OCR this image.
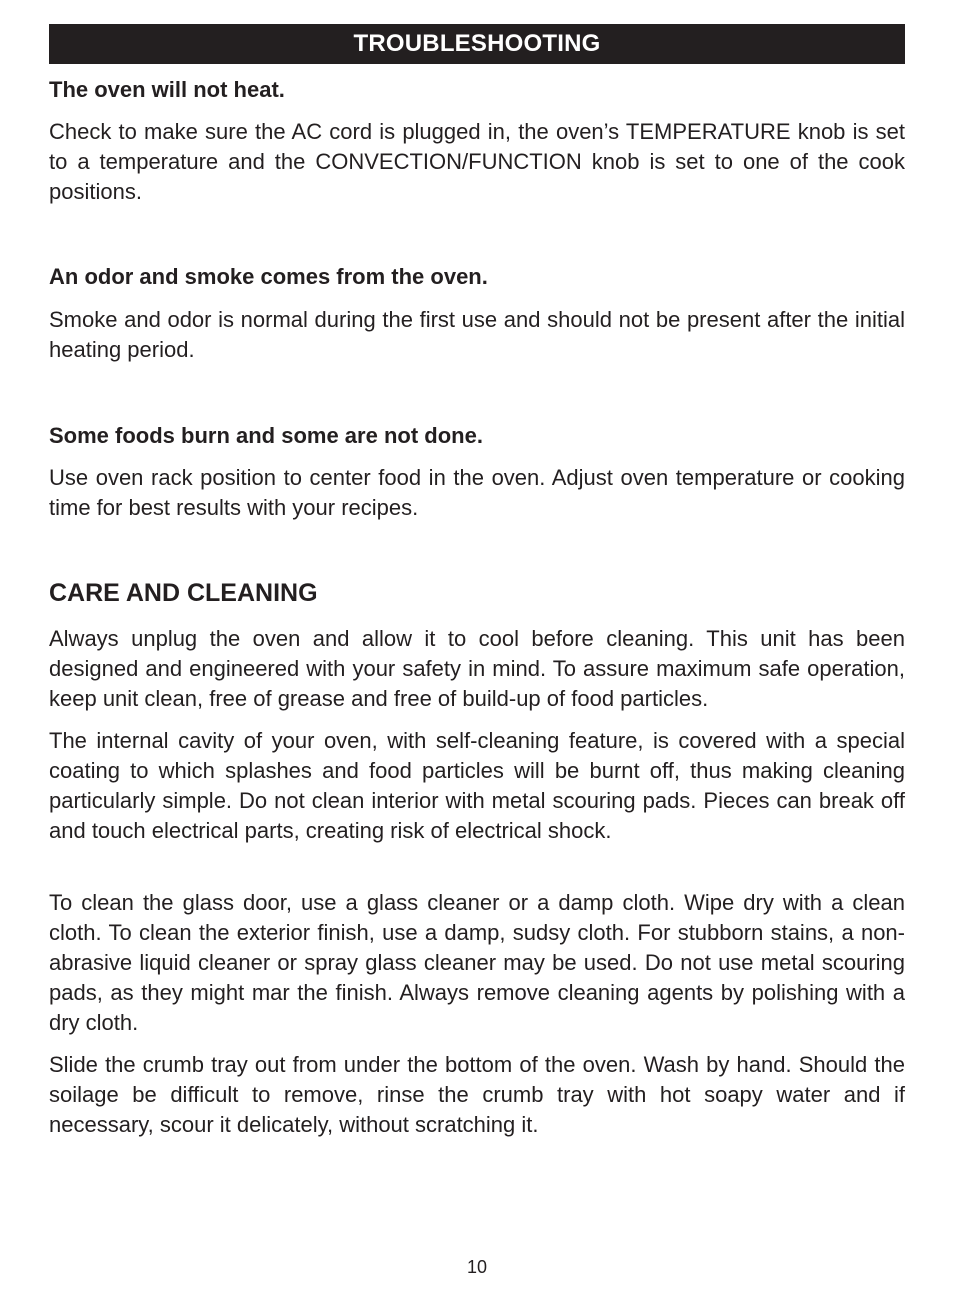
TROUBLESHOOTING

The oven will not heat.

Check to make sure the AC cord is plugged in, the oven’s TEMPERATURE knob is set to a temperature and the CONVECTION/FUNCTION knob is set to one of the cook positions.

An odor and smoke comes from the oven.

Smoke and odor is normal during the first use and should not be present after the initial heating period.

Some foods burn and some are not done.

Use oven rack position to center food in the oven. Adjust oven temperature or cooking time for best results with your recipes.

CARE AND CLEANING

Always unplug the oven and allow it to cool before cleaning. This unit has been designed and engineered with your safety in mind. To assure maximum safe operation, keep unit clean, free of grease and free of build-up of food particles.

The internal cavity of your oven, with self-cleaning feature, is covered with a special coating to which splashes and food particles will be burnt off, thus making cleaning particularly simple. Do not clean interior with metal scouring pads. Pieces can break off and touch electrical parts, creating risk of electrical shock.

To clean the glass door, use a glass cleaner or a damp cloth. Wipe dry with a clean cloth. To clean the exterior finish, use a damp, sudsy cloth. For stubborn stains, a non-abrasive liquid cleaner or spray glass cleaner may be used. Do not use metal scouring pads, as they might mar the finish. Always remove cleaning agents by polishing with a dry cloth.

Slide the crumb tray out from under the bottom of the oven. Wash by hand. Should the soilage be difficult to remove, rinse the crumb tray with hot soapy water and if necessary, scour it delicately, without scratching it.

10
